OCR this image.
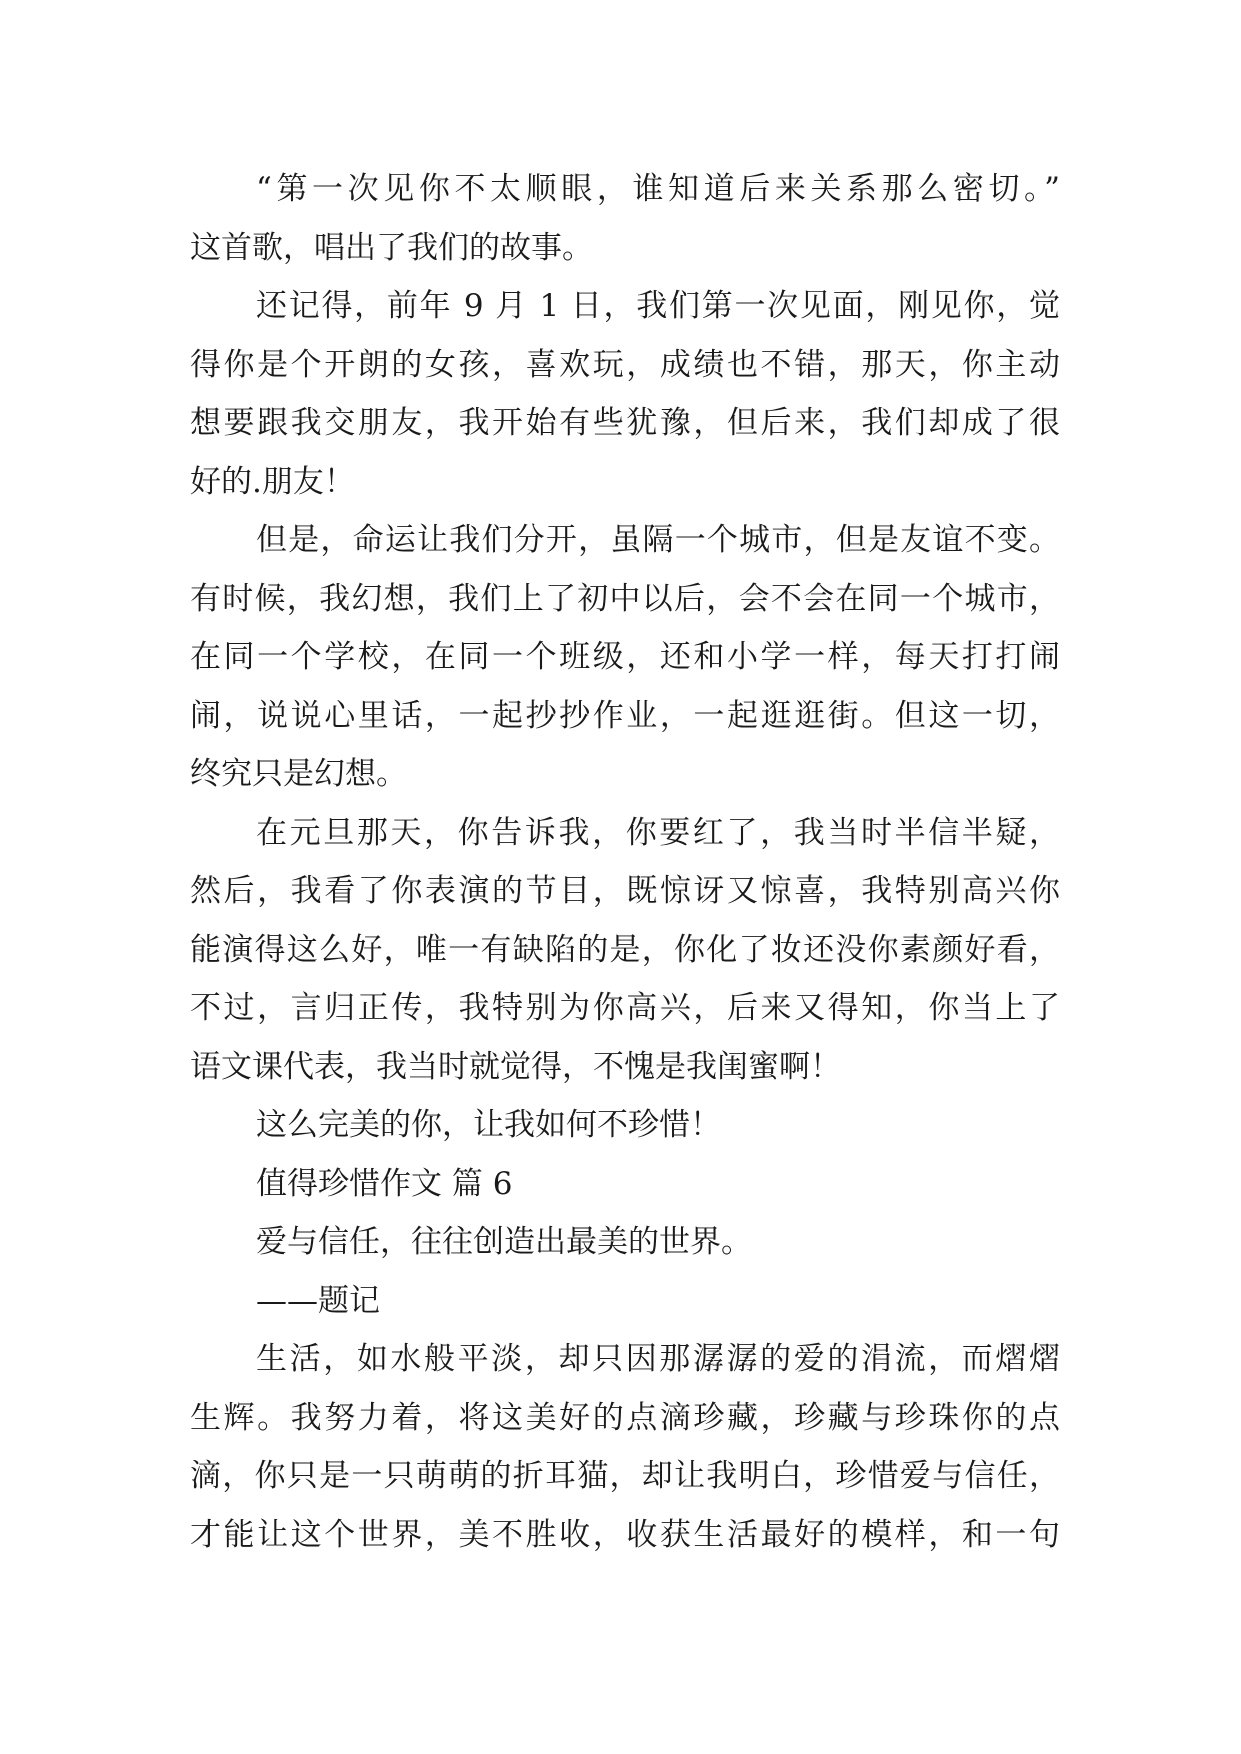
“第一次见你不太顺眼，谁知道后来关系那么密切。”
这首歌，唱出了我们的故事。
还记得，前年 9 月 1 日，我们第一次见面，刚见你，觉
得你是个开朗的女孩，喜欢玩，成绩也不错，那天，你主动
想要跟我交朋友，我开始有些犹豫，但后来，我们却成了很
好的.朋友！
但是，命运让我们分开，虽隔一个城市，但是友谊不变。
有时候，我幻想，我们上了初中以后，会不会在同一个城市，
在同一个学校，在同一个班级，还和小学一样，每天打打闹
闹，说说心里话，一起抄抄作业，一起逛逛街。但这一切，
终究只是幻想。
在元旦那天，你告诉我，你要红了，我当时半信半疑，
然后，我看了你表演的节目，既惊讶又惊喜，我特别高兴你
能演得这么好，唯一有缺陷的是，你化了妆还没你素颜好看，
不过，言归正传，我特别为你高兴，后来又得知，你当上了
语文课代表，我当时就觉得，不愧是我闺蜜啊！
这么完美的你，让我如何不珍惜！
值得珍惜作文 篇 6
爱与信任，往往创造出最美的世界。
——题记
生活，如水般平淡，却只因那潺潺的爱的涓流，而熠熠
生辉。我努力着，将这美好的点滴珍藏，珍藏与珍珠你的点
滴，你只是一只萌萌的折耳猫，却让我明白，珍惜爱与信任，
才能让这个世界，美不胜收，收获生活最好的模样，和一句
